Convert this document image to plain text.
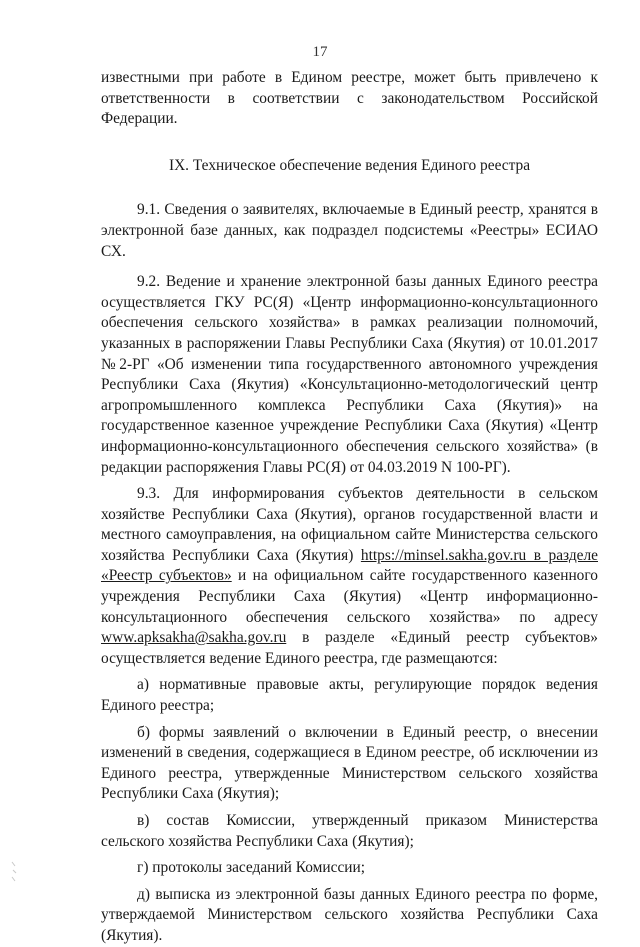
17

известными при работе в Едином реестре, может быть привлечено к ответственности в соответствии с законодательством Российской Федерации.

IX. Техническое обеспечение ведения Единого реестра

9.1. Сведения о заявителях, включаемые в Единый реестр, хранятся в электронной базе данных, как подраздел подсистемы «Реестры» ЕСИАО СХ.

9.2. Ведение и хранение электронной базы данных Единого реестра осуществляется ГКУ РС(Я) «Центр информационно-консультационного обеспечения сельского хозяйства» в рамках реализации полномочий, указанных в распоряжении Главы Республики Саха (Якутия) от 10.01.2017 №2-РГ «Об изменении типа государственного автономного учреждения Республики Саха (Якутия) «Консультационно-методологический центр агропромышленного комплекса Республики Саха (Якутия)» на государственное казенное учреждение Республики Саха (Якутия) «Центр информационно-консультационного обеспечения сельского хозяйства» (в редакции распоряжения Главы РС(Я) от 04.03.2019 N 100-РГ).

9.3. Для информирования субъектов деятельности в сельском хозяйстве Республики Саха (Якутия), органов государственной власти и местного самоуправления, на официальном сайте Министерства сельского хозяйства Республики Саха (Якутия) https://minsel.sakha.gov.ru в разделе «Реестр субъектов» и на официальном сайте государственного казенного учреждения Республики Саха (Якутия) «Центр информационно-консультационного обеспечения сельского хозяйства» по адресу www.apksakha@sakha.gov.ru в разделе «Единый реестр субъектов» осуществляется ведение Единого реестра, где размещаются:

а) нормативные правовые акты, регулирующие порядок ведения Единого реестра;

б) формы заявлений о включении в Единый реестр, о внесении изменений в сведения, содержащиеся в Едином реестре, об исключении из Единого реестра, утвержденные Министерством сельского хозяйства Республики Саха (Якутия);

в) состав Комиссии, утвержденный приказом Министерства сельского хозяйства Республики Саха (Якутия);

г) протоколы заседаний Комиссии;

д) выписка из электронной базы данных Единого реестра по форме, утверждаемой Министерством сельского хозяйства Республики Саха (Якутия).
